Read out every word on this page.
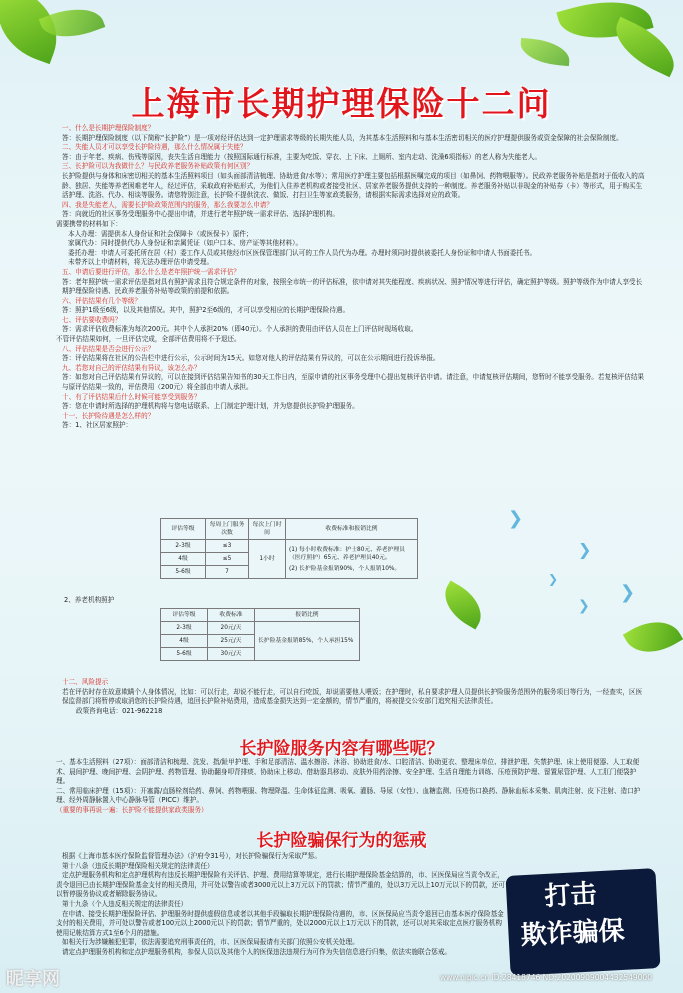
❯
❯
❯
❯
❯
上海市长期护理保险十二问
一、什么是长期护理保险制度？
答：长期护理保险制度（以下简称“长护险”）是一项对经评估达到一定护理需求等级的长期失能人员，为其基本生活照料和与基本生活密切相关的医疗护理提供服务或资金保障的社会保险制度。
二、失能人员才可以享受长护险待遇，那么什么情况属于失能？
答：由于年老、疾病、伤残等原因，丧失生活自理能力（按照国际通行标准，主要为吃饭、穿衣、上下床、上厕所、室内走动、洗澡6项指标）的老人称为失能老人。
三、长护险可以为我做什么？与民政养老服务补贴政策有何区别？
长护险提供与身体和床密切相关的基本生活照料项目（如头面部清洁梳理、协助进食/水等）；常用医疗护理主要包括根据医嘱完成的项目（如鼻饲、药物喂服等）。民政养老服务补贴是指对于低收入的高龄、独居、失能等养老困难老年人，经过评估，采取政府补贴形式，为他们入住养老机构或者接受社区、居家养老服务提供支持的一种制度。养老服务补贴以非现金的补贴券（卡）等形式，用于购买生活护理、洗浴、代办、相谈等服务。请您特别注意，长护险不提供洗衣、做饭、打扫卫生等家政类服务，请根据实际需求选择对应的政策。
四、我是失能老人，需要长护险政策范围内的服务，那么我要怎么申请？
答：向就近的社区事务受理服务中心提出申请，并进行老年照护统一需求评估、选择护理机构。
需要携带的材料如下：
本人办理：需提供本人身份证和社会保障卡（或医保卡）原件；
家属代办：同时提供代办人身份证和亲属凭证（如户口本、房产证等其他材料）。
委托办理：申请人可委托所在居（村）委工作人员或其他经市区医保管理部门认可的工作人员代为办理。办理时须同时提供被委托人身份证和申请人书面委托书。
未带齐以上申请材料，将无法办理评估申请受理。
五、申请后要进行评估，那么什么是老年照护统一需求评估？
答：老年照护统一需求评估是指对具有照护需求且符合规定条件的对象，按照全市统一的评估标准，依申请对其失能程度、疾病状况、照护情况等进行评估，确定照护等级。照护等级作为申请人享受长期护理保险待遇、民政养老服务补贴等政策的前提和依据。
六、评估结果有几个等级？
答：照护1级至6级，以及其他情况。其中，照护2至6级的，才可以享受相应的长期护理保险待遇。
七、评估要收费吗？
答：需求评估收费标准为每次200元。其中个人承担20%（即40元）。个人承担的费用由评估人员在上门评估时现场收取。
不管评估结果如何，一旦评估完成，全部评估费用将不予退还。
八、评估结果是否会进行公示？
答：评估结果将在社区的公告栏中进行公示，公示时间为15天。如您对他人的评估结果有异议的，可以在公示期间进行投诉举报。
九、若您对自己的评估结果有异议，该怎么办？
答：如您对自己评估结果有异议的，可以在接到评估结果告知书的30天工作日内，至原申请的社区事务受理中心提出复核评估申请。请注意，申请复核评估期间，您暂时不能享受服务。若复核评估结果与原评估结果一致的，评估费用（200元）将全部由申请人承担。
十、有了评估结果后什么时候可能享受到服务？
答：您在申请时所选择的护理机构将与您电话联系、上门制定护理计划，并为您提供长护险护理服务。
十一、长护险待遇是怎么样的？
答：1、社区居家照护：
评估等级	每周上门服务次数	每次上门时间	收费标准和报销比例
2-3级	≤3	1小时	(1) 每小时收费标准：护士80元、养老护理员（医疗照护）65元、养老护理员40元。
(2) 长护险基金报销90%，个人报销10%。

4级	≤5		
5-6级	7		
2、养老机构照护
评估等级	收费标准	报销比例
2-3级	20元/天	长护险基金报销85%，个人承担15%
4级	25元/天	
5-6级	30元/天	
十二、风险提示
若在评估时存在故意欺瞒个人身体情况，比如：可以行走，却说不能行走，可以自行吃饭，却说需要他人喂饭；在护理时，私自要求护理人员提供长护险服务范围外的服务项目等行为，一经查实，区医保监督部门将暂停或取消您的长护险待遇，追回长护险补贴费用，造成基金损失达到一定金额的，情节严重的，将被提交公安部门追究相关法律责任。
政策咨询电话：021-962218
长护险服务内容有哪些呢？
一、基本生活照料（27项）：面部清洁和梳理、洗发、指/趾甲护理、手和足部清洁、温水擦浴、沐浴、协助进食/水、口腔清洁、协助更衣、整理床单位、排泄护理、失禁护理、床上使用便器、人工取便术、晨间护理、晚间护理、会阴护理、药物管理、协助翻身叩背排痰、协助床上移动、借助器具移动、皮肤外用药涂擦、安全护理、生活自理能力训练、压疮预防护理、留置尿管护理、人工肛门便袋护理。
二、常用临床护理（15项）：开塞露/直肠栓剂给药、鼻饲、药物喂服、物理降温、生命体征监测、吸氧、灌肠、导尿（女性）、血糖监测、压疮伤口换药、静脉血标本采集、肌肉注射、皮下注射、造口护理、经外周静脉置入中心静脉导管（PICC）维护。
（重要的事再说一遍：长护险不能提供家政类服务）
长护险骗保行为的惩戒
根据《上海市基本医疗保险监督管理办法》（沪府令31号），对长护险骗保行为采取严惩。
第十八条（违反长期护理保险相关规定的法律责任）
定点护理服务机构和定点护理机构有违反长期护理保险有关评估、护理、费用结算等规定，进行长期护理保险基金结算的，市、区医保局应当责令改正，责令退回已由长期护理保险基金支付的相关费用，并可处以警告或者3000元以上3万元以下的罚款；情节严重的，处以3万元以上10万元以下的罚款，还可以暂停服务协议或者解除服务协议。
第十九条（个人违反相关规定的法律责任）
在申请、接受长期护理保险评估、护理服务时提供虚假信息或者以其他手段骗取长期护理保险待遇的，市、区医保局应当责令退回已由基本医疗保险基金支付的相关费用，并可处以警告或者100元以上2000元以下的罚款；情节严重的，处以2000元以上1万元以下的罚款，还可以对其采取定点医疗服务机构使用记帐结算方式1至6个月的措施。
如相关行为涉嫌触犯犯罪，依法需要追究刑事责任的，市、区医保局报请有关部门依照公安机关处理。
请定点护理服务机构和定点护理服务机构，参保人员以及其他个人的医保违法违规行为可作为失信信息进行归集，依法实施联合惩戒。
打击
欺诈骗保
昵享网	www.nipic.cn ID:28418746 NO:20200909004432549000
